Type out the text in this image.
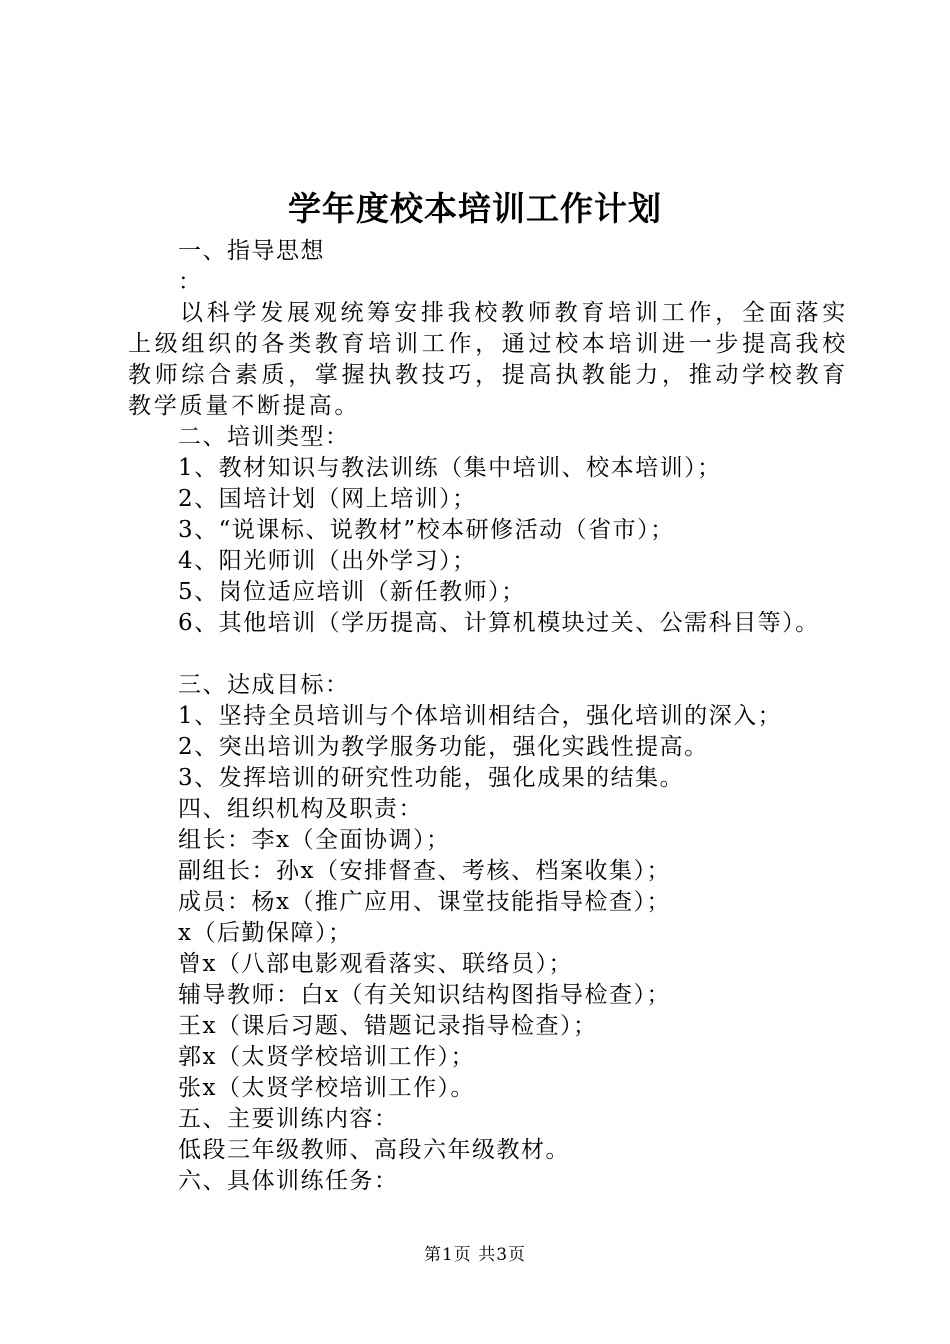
学年度校本培训工作计划
一、指导思想
：
以科学发展观统筹安排我校教师教育培训工作，全面落实上级组织的各类教育培训工作，通过校本培训进一步提高我校教师综合素质，掌握执教技巧，提高执教能力，推动学校教育教学质量不断提高。
二、培训类型：
1、教材知识与教法训练（集中培训、校本培训）；
2、国培计划（网上培训）；
3、“说课标、说教材”校本研修活动（省市）；
4、阳光师训（出外学习）；
5、岗位适应培训（新任教师）；
6、其他培训（学历提高、计算机模块过关、公需科目等）。
三、达成目标：
1、坚持全员培训与个体培训相结合，强化培训的深入；
2、突出培训为教学服务功能，强化实践性提高。
3、发挥培训的研究性功能，强化成果的结集。
四、组织机构及职责：
组长：李x（全面协调）；
副组长：孙x（安排督查、考核、档案收集）；
成员：杨x（推广应用、课堂技能指导检查）；
x（后勤保障）；
曾x（八部电影观看落实、联络员）；
辅导教师：白x（有关知识结构图指导检查）；
王x（课后习题、错题记录指导检查）；
郭x（太贤学校培训工作）；
张x（太贤学校培训工作）。
五、主要训练内容：
低段三年级教师、高段六年级教材。
六、具体训练任务：
第1页 共3页
